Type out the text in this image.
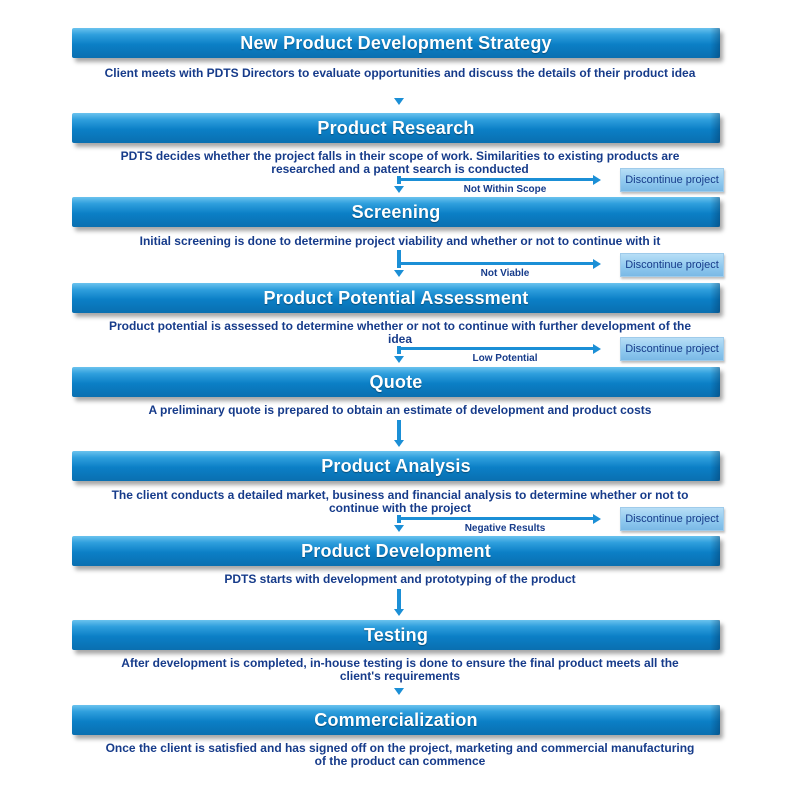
New Product Development Strategy
Client meets with PDTS Directors to evaluate opportunities and discuss the details of their product idea
Product Research
PDTS decides whether the project falls in their scope of work. Similarities to existing products are researched and a patent search is conducted
Not Within Scope
Discontinue project
Screening
Initial screening is done to determine project viability and whether or not to continue with it
Not Viable
Discontinue project
Product Potential Assessment
Product potential is assessed to determine whether or not to continue with further development of the idea
Low Potential
Discontinue project
Quote
A preliminary quote is prepared to obtain an estimate of development and product costs
Product Analysis
The client conducts a detailed market, business and financial analysis to determine whether or not to continue with the project
Negative Results
Discontinue project
Product Development
PDTS starts with development and prototyping of the product
Testing
After development is completed, in-house testing is done to ensure the final product meets all the client's requirements
Commercialization
Once the client is satisfied and has signed off on the project, marketing and commercial manufacturing of the product can commence
